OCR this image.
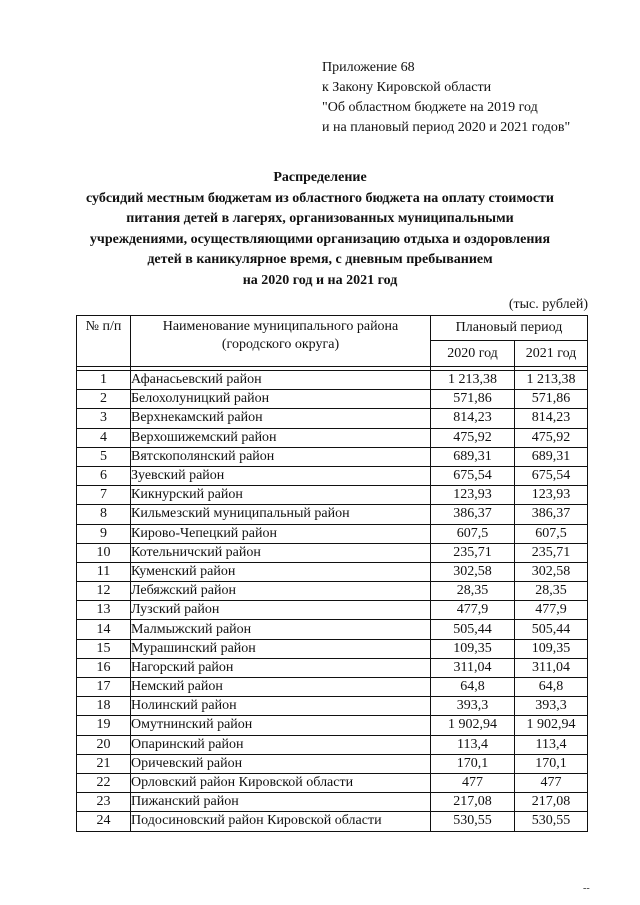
Приложение 68
к Закону Кировской области
"Об областном бюджете на 2019 год
и на плановый период 2020 и 2021 годов"
Распределение
субсидий местным бюджетам из областного бюджета на оплату стоимости
питания детей в лагерях, организованных муниципальными
учреждениями, осуществляющими организацию отдыха и оздоровления
детей в каникулярное время, с дневным пребыванием
на 2020 год и на 2021 год
(тыс. рублей)
№ п/п	Наименование муниципального района
(городского округа)	Плановый период	
		2020 год	2021 год

1	Афанасьевский район	1 213,38	1 213,38
2	Белохолуницкий район	571,86	571,86
3	Верхнекамский район	814,23	814,23
4	Верхошижемский район	475,92	475,92
5	Вятскополянский район	689,31	689,31
6	Зуевский район	675,54	675,54
7	Кикнурский район	123,93	123,93
8	Кильмезский муниципальный район	386,37	386,37
9	Кирово-Чепецкий район	607,5	607,5
10	Котельничский район	235,71	235,71
11	Куменский район	302,58	302,58
12	Лебяжский район	28,35	28,35
13	Лузский район	477,9	477,9
14	Малмыжский район	505,44	505,44
15	Мурашинский район	109,35	109,35
16	Нагорский район	311,04	311,04
17	Немский район	64,8	64,8
18	Нолинский район	393,3	393,3
19	Омутнинский район	1 902,94	1 902,94
20	Опаринский район	113,4	113,4
21	Оричевский район	170,1	170,1
22	Орловский район Кировской области	477	477
23	Пижанский район	217,08	217,08
24	Подосиновский район Кировской области	530,55	530,55
--
